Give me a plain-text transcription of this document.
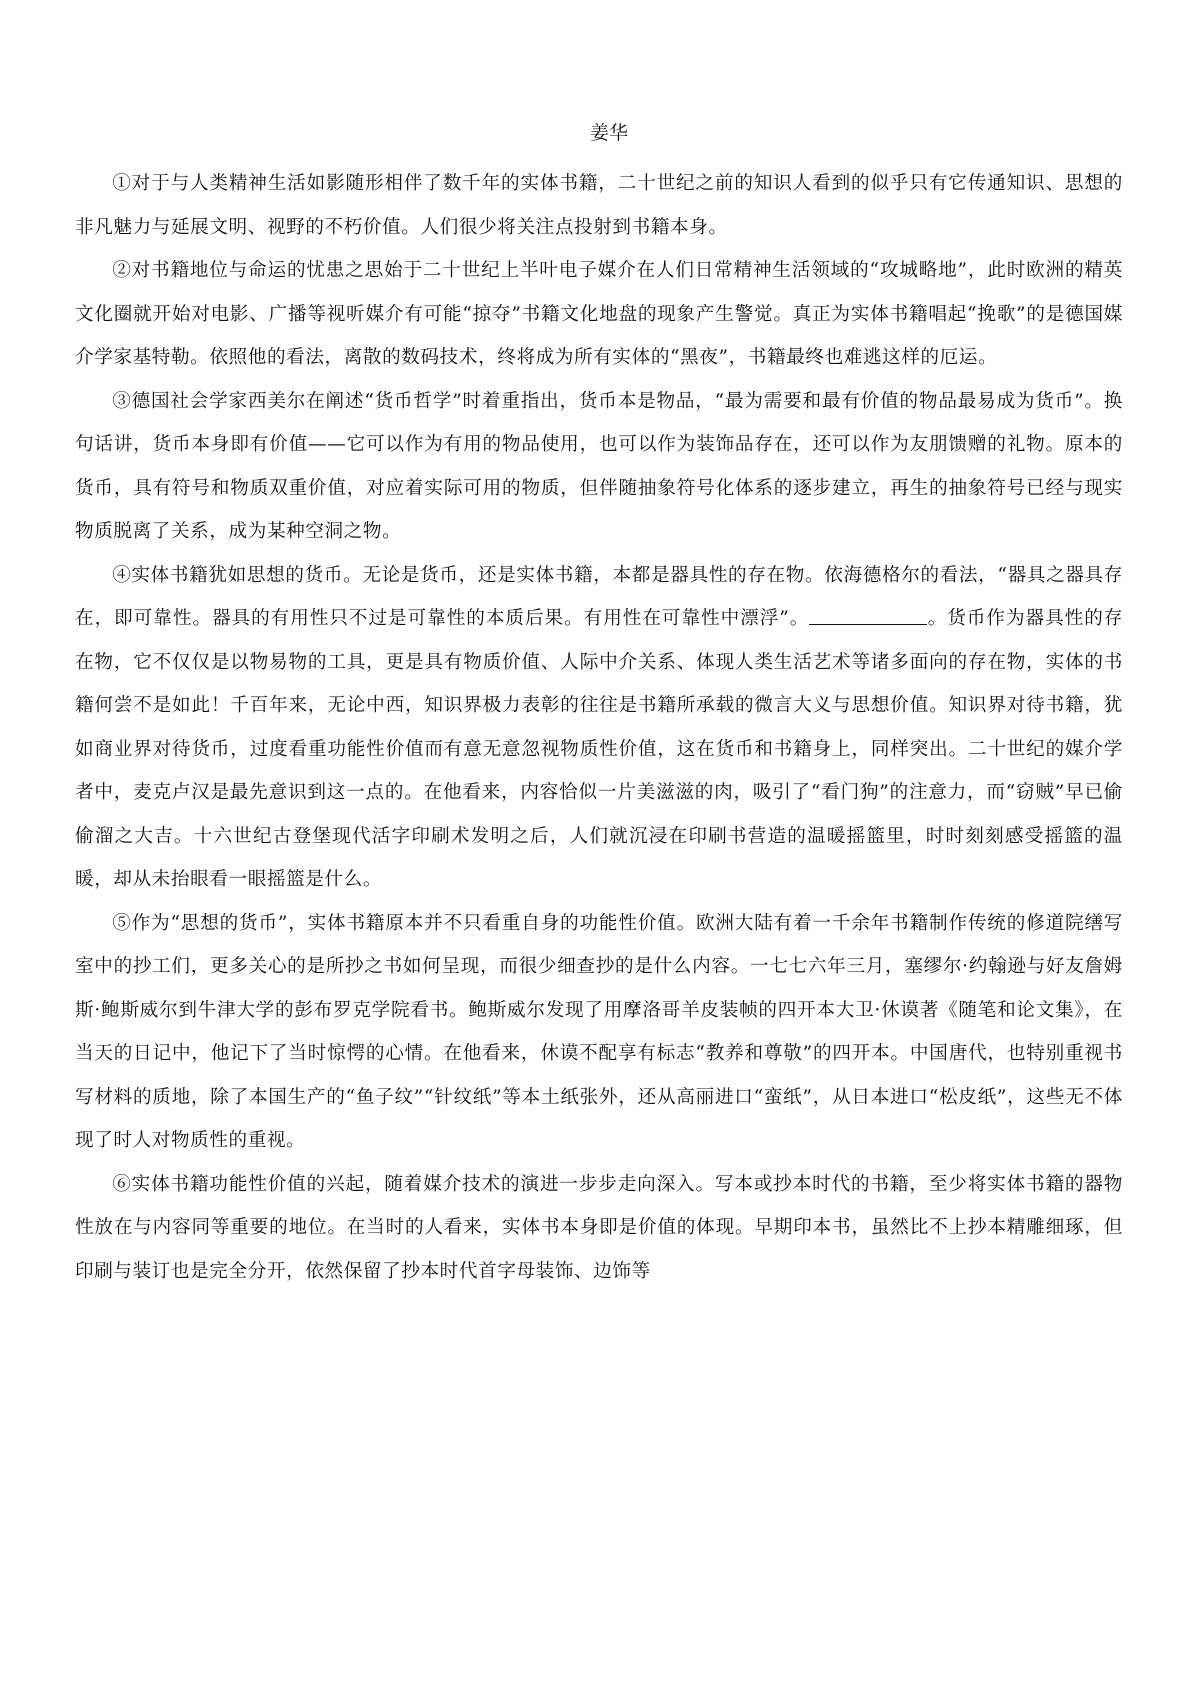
姜华

①对于与人类精神生活如影随形相伴了数千年的实体书籍，二十世纪之前的知识人看到的似乎只有它传通知识、思想的非凡魅力与延展文明、视野的不朽价值。人们很少将关注点投射到书籍本身。

②对书籍地位与命运的忧患之思始于二十世纪上半叶电子媒介在人们日常精神生活领域的“攻城略地”，此时欧洲的精英文化圈就开始对电影、广播等视听媒介有可能“掠夺”书籍文化地盘的现象产生警觉。真正为实体书籍唱起“挽歌”的是德国媒介学家基特勒。依照他的看法，离散的数码技术，终将成为所有实体的“黑夜”，书籍最终也难逃这样的厄运。

③德国社会学家西美尔在阐述“货币哲学”时着重指出，货币本是物品，“最为需要和最有价值的物品最易成为货币”。换句话讲，货币本身即有价值——它可以作为有用的物品使用，也可以作为装饰品存在，还可以作为友朋馈赠的礼物。原本的货币，具有符号和物质双重价值，对应着实际可用的物质，但伴随抽象符号化体系的逐步建立，再生的抽象符号已经与现实物质脱离了关系，成为某种空洞之物。

④实体书籍犹如思想的货币。无论是货币，还是实体书籍，本都是器具性的存在物。依海德格尔的看法，“器具之器具存在，即可靠性。器具的有用性只不过是可靠性的本质后果。有用性在可靠性中漂浮”。	。货币作为器具性的存在物，它不仅仅是以物易物的工具，更是具有物质价值、人际中介关系、体现人类生活艺术等诸多面向的存在物，实体的书籍何尝不是如此！千百年来，无论中西，知识界极力表彰的往往是书籍所承载的微言大义与思想价值。知识界对待书籍，犹如商业界对待货币，过度看重功能性价值而有意无意忽视物质性价值，这在货币和书籍身上，同样突出。二十世纪的媒介学者中，麦克卢汉是最先意识到这一点的。在他看来，内容恰似一片美滋滋的肉，吸引了“看门狗”的注意力，而“窃贼”早已偷偷溜之大吉。十六世纪古登堡现代活字印刷术发明之后，人们就沉浸在印刷书营造的温暖摇篮里，时时刻刻感受摇篮的温暖，却从未抬眼看一眼摇篮是什么。

⑤作为“思想的货币”，实体书籍原本并不只看重自身的功能性价值。欧洲大陆有着一千余年书籍制作传统的修道院缮写室中的抄工们，更多关心的是所抄之书如何呈现，而很少细查抄的是什么内容。一七七六年三月，塞缪尔·约翰逊与好友詹姆斯·鲍斯威尔到牛津大学的彭布罗克学院看书。鲍斯威尔发现了用摩洛哥羊皮装帧的四开本大卫·休谟著《随笔和论文集》，在当天的日记中，他记下了当时惊愕的心情。在他看来，休谟不配享有标志“教养和尊敬”的四开本。中国唐代，也特别重视书写材料的质地，除了本国生产的“鱼子纹”“针纹纸”等本土纸张外，还从高丽进口“蛮纸”，从日本进口“松皮纸”，这些无不体现了时人对物质性的重视。

⑥实体书籍功能性价值的兴起，随着媒介技术的演进一步步走向深入。写本或抄本时代的书籍，至少将实体书籍的器物性放在与内容同等重要的地位。在当时的人看来，实体书本身即是价值的体现。早期印本书，虽然比不上抄本精雕细琢，但印刷与装订也是完全分开，依然保留了抄本时代首字母装饰、边饰等
